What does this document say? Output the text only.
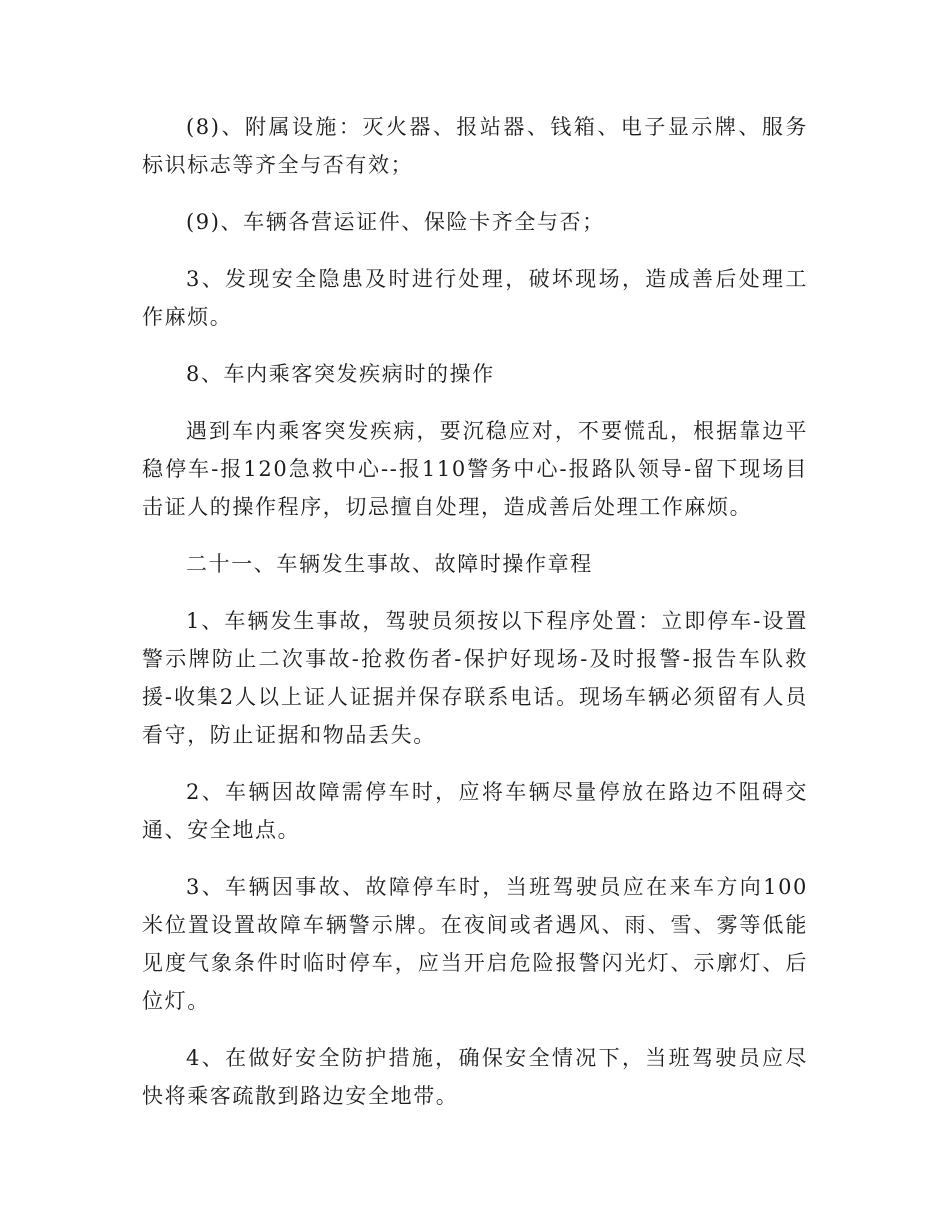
(8)、附属设施：灭火器、报站器、钱箱、电子显示牌、服务标识标志等齐全与否有效；

(9)、车辆各营运证件、保险卡齐全与否；

3、发现安全隐患及时进行处理，破坏现场，造成善后处理工作麻烦。

8、车内乘客突发疾病时的操作

遇到车内乘客突发疾病，要沉稳应对，不要慌乱，根据靠边平稳停车-报120急救中心--报110警务中心-报路队领导-留下现场目击证人的操作程序，切忌擅自处理，造成善后处理工作麻烦。

二十一、车辆发生事故、故障时操作章程

1、车辆发生事故，驾驶员须按以下程序处置：立即停车-设置警示牌防止二次事故-抢救伤者-保护好现场-及时报警-报告车队救援-收集2人以上证人证据并保存联系电话。现场车辆必须留有人员看守，防止证据和物品丢失。

2、车辆因故障需停车时，应将车辆尽量停放在路边不阻碍交通、安全地点。

3、车辆因事故、故障停车时，当班驾驶员应在来车方向100米位置设置故障车辆警示牌。在夜间或者遇风、雨、雪、雾等低能见度气象条件时临时停车，应当开启危险报警闪光灯、示廓灯、后位灯。

4、在做好安全防护措施，确保安全情况下，当班驾驶员应尽快将乘客疏散到路边安全地带。
